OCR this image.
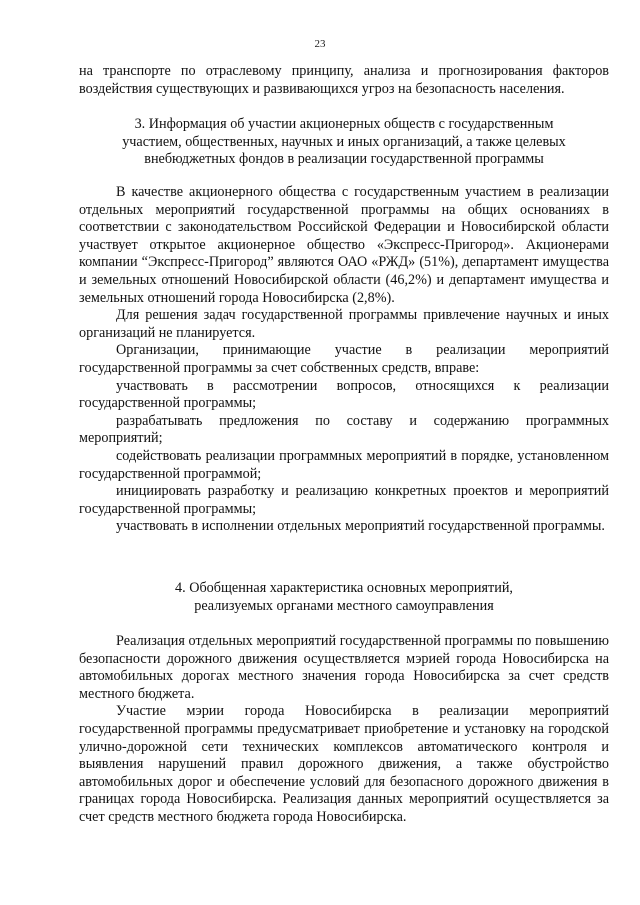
23

на транспорте по отраслевому принципу, анализа и прогнозирования факторов воздействия существующих и развивающихся угроз на безопасность населения.

3. Информация об участии акционерных обществ с государственным
участием, общественных, научных и иных организаций, а также целевых
внебюджетных фондов в реализации государственной программы

В качестве акционерного общества с государственным участием в реализации отдельных мероприятий государственной программы на общих основаниях в соответствии с законодательством Российской Федерации и Новосибирской области участвует открытое акционерное общество «Экспресс-Пригород». Акционерами компании “Экспресс-Пригород” являются ОАО «РЖД» (51%), департамент имущества и земельных отношений Новосибирской области (46,2%) и департамент имущества и земельных отношений города Новосибирска (2,8%).

Для решения задач государственной программы привлечение научных и иных организаций не планируется.

Организации, принимающие участие в реализации мероприятий государственной программы за счет собственных средств, вправе:

участвовать в рассмотрении вопросов, относящихся к реализации государственной программы;

разрабатывать предложения по составу и содержанию программных мероприятий;

содействовать реализации программных мероприятий в порядке, установленном государственной программой;

инициировать разработку и реализацию конкретных проектов и мероприятий государственной программы;

участвовать в исполнении отдельных мероприятий государственной программы.

4. Обобщенная характеристика основных мероприятий,
реализуемых органами местного самоуправления

Реализация отдельных мероприятий государственной программы по повышению безопасности дорожного движения осуществляется мэрией города Новосибирска на автомобильных дорогах местного значения города Новосибирска за счет средств местного бюджета.

Участие мэрии города Новосибирска в реализации мероприятий государственной программы предусматривает приобретение и установку на городской улично-дорожной сети технических комплексов автоматического контроля и выявления нарушений правил дорожного движения, а также обустройство автомобильных дорог и обеспечение условий для безопасного дорожного движения в границах города Новосибирска. Реализация данных мероприятий осуществляется за счет средств местного бюджета города Новосибирска.
